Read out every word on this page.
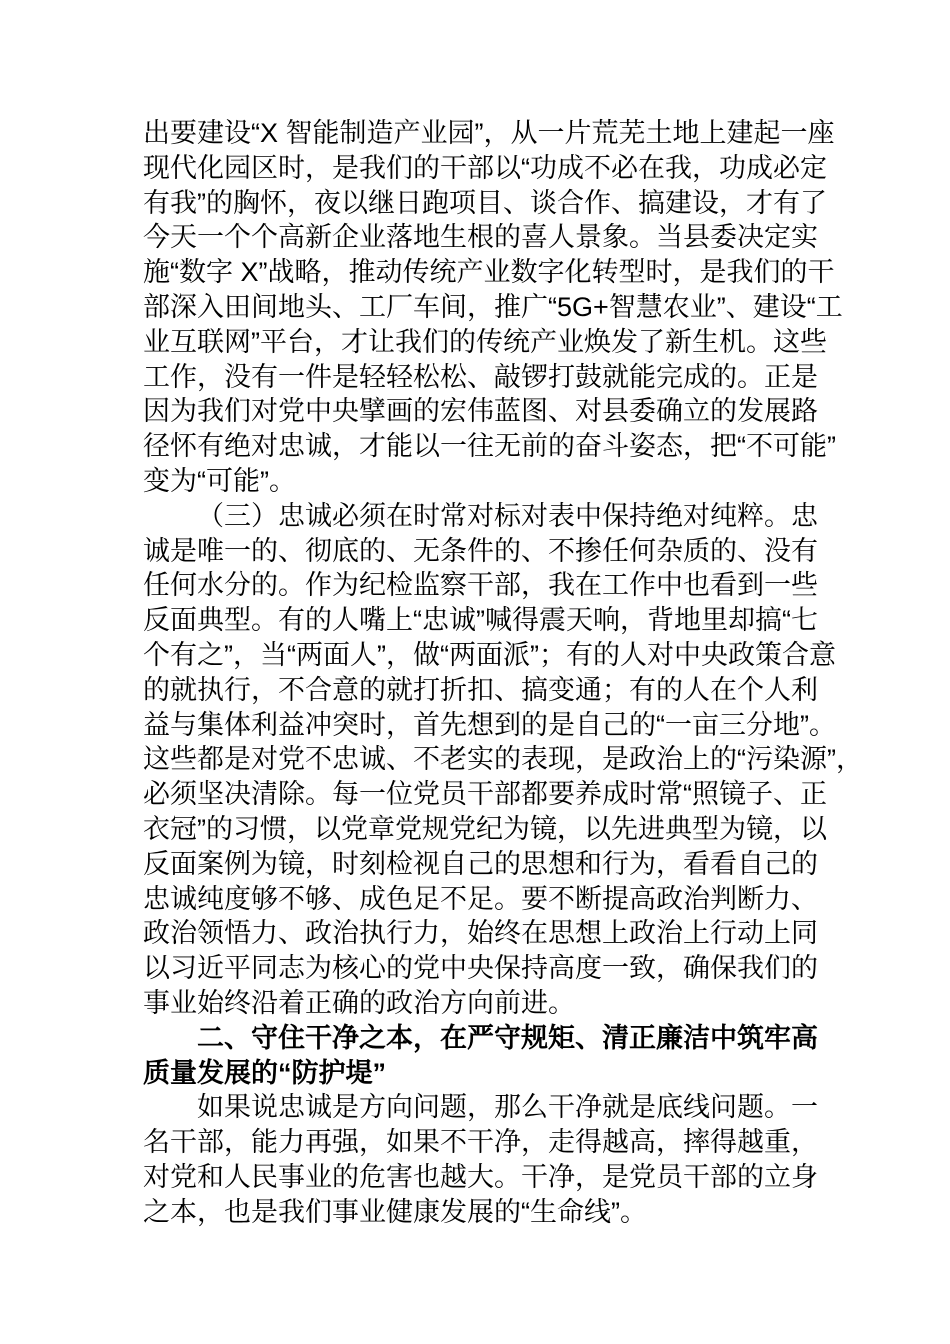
出要建设“X 智能制造产业园”，从一片荒芜土地上建起一座
现代化园区时，是我们的干部以“功成不必在我，功成必定
有我”的胸怀，夜以继日跑项目、谈合作、搞建设，才有了
今天一个个高新企业落地生根的喜人景象。当县委决定实
施“数字 X”战略，推动传统产业数字化转型时，是我们的干
部深入田间地头、工厂车间，推广“5G+智慧农业”、建设“工
业互联网”平台，才让我们的传统产业焕发了新生机。这些
工作，没有一件是轻轻松松、敲锣打鼓就能完成的。正是
因为我们对党中央擘画的宏伟蓝图、对县委确立的发展路
径怀有绝对忠诚，才能以一往无前的奋斗姿态，把“不可能”
变为“可能”。
（三）忠诚必须在时常对标对表中保持绝对纯粹。忠
诚是唯一的、彻底的、无条件的、不掺任何杂质的、没有
任何水分的。作为纪检监察干部，我在工作中也看到一些
反面典型。有的人嘴上“忠诚”喊得震天响，背地里却搞“七
个有之”，当“两面人”，做“两面派”；有的人对中央政策合意
的就执行，不合意的就打折扣、搞变通；有的人在个人利
益与集体利益冲突时，首先想到的是自己的“一亩三分地”。
这些都是对党不忠诚、不老实的表现，是政治上的“污染源”，
必须坚决清除。每一位党员干部都要养成时常“照镜子、正
衣冠”的习惯，以党章党规党纪为镜，以先进典型为镜，以
反面案例为镜，时刻检视自己的思想和行为，看看自己的
忠诚纯度够不够、成色足不足。要不断提高政治判断力、
政治领悟力、政治执行力，始终在思想上政治上行动上同
以习近平同志为核心的党中央保持高度一致，确保我们的
事业始终沿着正确的政治方向前进。
二、守住干净之本，在严守规矩、清正廉洁中筑牢高
质量发展的“防护堤”
如果说忠诚是方向问题，那么干净就是底线问题。一
名干部，能力再强，如果不干净，走得越高，摔得越重，
对党和人民事业的危害也越大。干净，是党员干部的立身
之本，也是我们事业健康发展的“生命线”。
